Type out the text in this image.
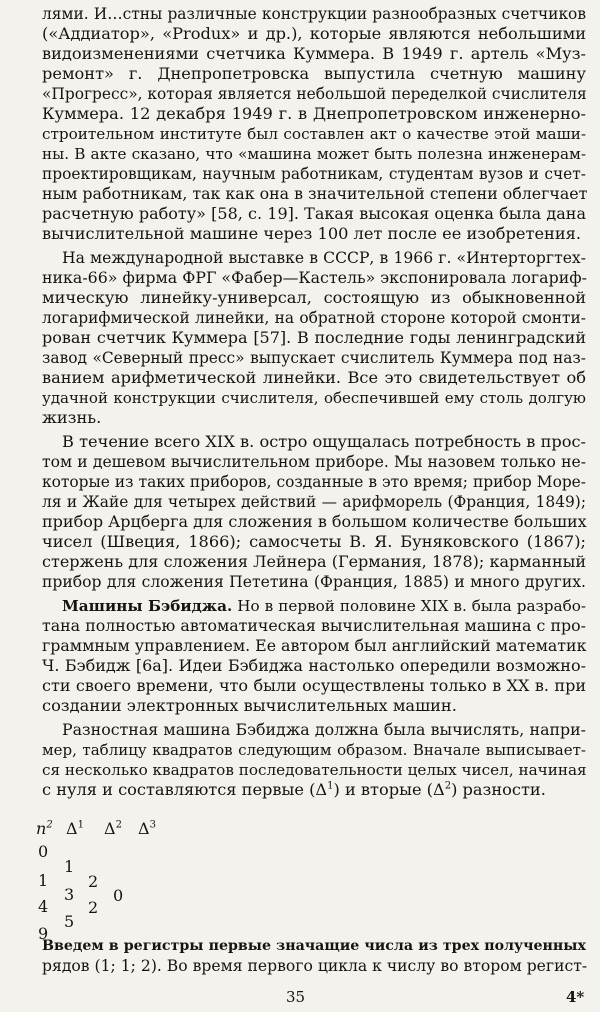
лями. И…стны различные конструкции разнообразных счетчиков
(«Аддиатор», «Produx» и др.), которые являются небольшими
видоизменениями счетчика Куммера. В 1949 г. артель «Муз-
ремонт» г. Днепропетровска выпустила счетную машину
«Прогресс», которая является небольшой переделкой счислителя
Куммера. 12 декабря 1949 г. в Днепропетровском инженерно-
строительном институте был составлен акт о качестве этой маши-
ны. В акте сказано, что «машина может быть полезна инженерам-
проектировщикам, научным работникам, студентам вузов и счет-
ным работникам, так как она в значительной степени облегчает
расчетную работу» [58, с. 19]. Такая высокая оценка была дана
вычислительной машине через 100 лет после ее изобретения.
На международной выставке в СССР, в 1966 г. «Интерторгтех-
ника-66» фирма ФРГ «Фабер—Кастель» экспонировала логариф-
мическую линейку-универсал, состоящую из обыкновенной
логарифмической линейки, на обратной стороне которой смонти-
рован счетчик Куммера [57]. В последние годы ленинградский
завод «Северный пресс» выпускает счислитель Куммера под наз-
ванием арифметической линейки. Все это свидетельствует об
удачной конструкции счислителя, обеспечившей ему столь долгую
жизнь.
В течение всего XIX в. остро ощущалась потребность в прос-
том и дешевом вычислительном приборе. Мы назовем только не-
которые из таких приборов, созданные в это время; прибор Море-
ля и Жайе для четырех действий — арифморель (Франция, 1849);
прибор Арцберга для сложения в большом количестве больших
чисел (Швеция, 1866); самосчеты В. Я. Буняковского (1867);
стержень для сложения Лейнера (Германия, 1878); карманный
прибор для сложения Пететина (Франция, 1885) и много других.
Машины Бэбиджа. Но в первой половине XIX в. была разрабо-
тана полностью автоматическая вычислительная машина с про-
граммным управлением. Ее автором был английский математик
Ч. Бэбидж [6а]. Идеи Бэбиджа настолько опередили возможно-
сти своего времени, что были осуществлены только в XX в. при
создании электронных вычислительных машин.
Разностная машина Бэбиджа должна была вычислять, напри-
мер, таблицу квадратов следующим образом. Вначале выписывает-
ся несколько квадратов последовательности целых чисел, начиная
с нуля и составляются первые $(\Delta^1)$ и вторые $(\Delta^2)$ разности.
$n^2$ $\Delta^1$ $\Delta^2$ $\Delta^3$
0
1
4
9
1
3
5
2
2
0
Введем в регистры первые значащие числа из трех полученных
рядов (1; 1; 2). Во время первого цикла к числу во втором регист-
35	4*
